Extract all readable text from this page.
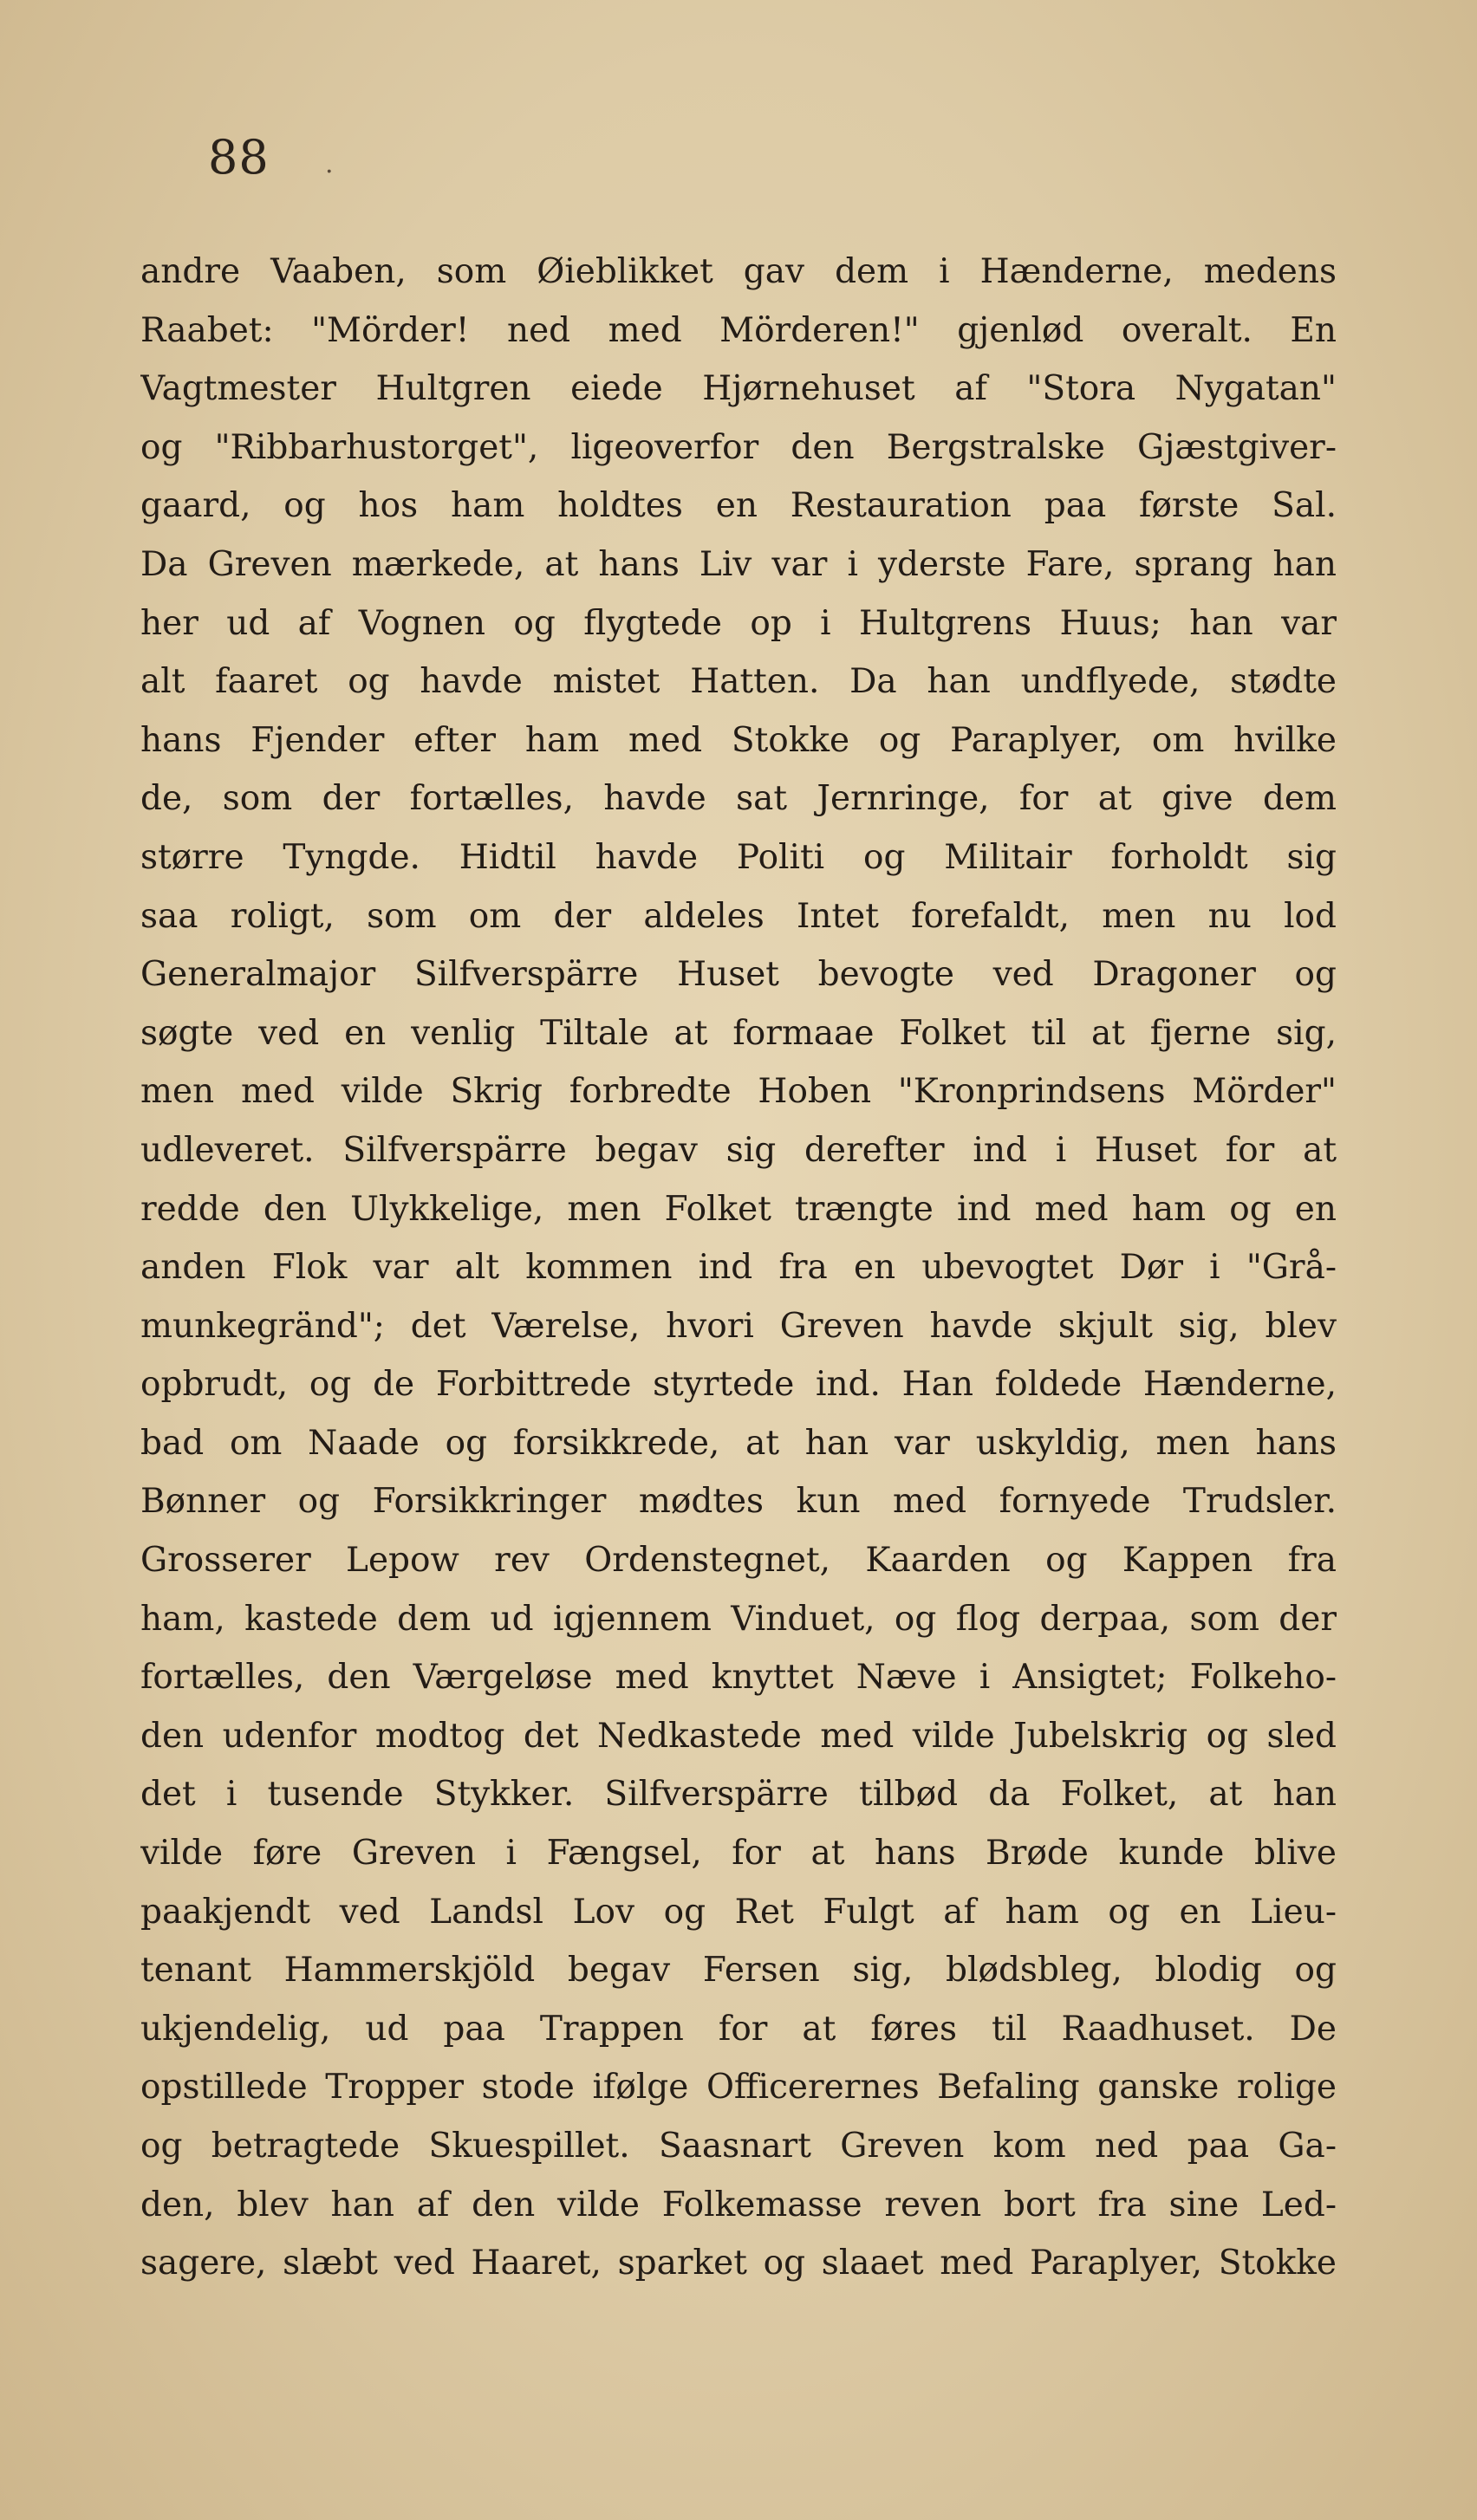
88 .
andre Vaaben, som Øieblikket gav dem i Hænderne, medens
Raabet: "Mörder! ned med Mörderen!" gjenlød overalt. En
Vagtmester Hultgren eiede Hjørnehuset af "Stora Nygatan"
og "Ribbarhustorget", ligeoverfor den Bergstralske Gjæstgiver-
gaard, og hos ham holdtes en Restauration paa første Sal.
Da Greven mærkede, at hans Liv var i yderste Fare, sprang han
her ud af Vognen og flygtede op i Hultgrens Huus; han var
alt faaret og havde mistet Hatten. Da han undflyede, stødte
hans Fjender efter ham med Stokke og Paraplyer, om hvilke
de, som der fortælles, havde sat Jernringe, for at give dem
større Tyngde. Hidtil havde Politi og Militair forholdt sig
saa roligt, som om der aldeles Intet forefaldt, men nu lod
Generalmajor Silfverspärre Huset bevogte ved Dragoner og
søgte ved en venlig Tiltale at formaae Folket til at fjerne sig,
men med vilde Skrig forbredte Hoben "Kronprindsens Mörder"
udleveret. Silfverspärre begav sig derefter ind i Huset for at
redde den Ulykkelige, men Folket trængte ind med ham og en
anden Flok var alt kommen ind fra en ubevogtet Dør i "Grå-
munkegränd"; det Værelse, hvori Greven havde skjult sig, blev
opbrudt, og de Forbittrede styrtede ind. Han foldede Hænderne,
bad om Naade og forsikkrede, at han var uskyldig, men hans
Bønner og Forsikkringer mødtes kun med fornyede Trudsler.
Grosserer Lepow rev Ordenstegnet, Kaarden og Kappen fra
ham, kastede dem ud igjennem Vinduet, og flog derpaa, som der
fortælles, den Værgeløse med knyttet Næve i Ansigtet; Folkeho-
den udenfor modtog det Nedkastede med vilde Jubelskrig og sled
det i tusende Stykker. Silfverspärre tilbød da Folket, at han
vilde føre Greven i Fængsel, for at hans Brøde kunde blive
paakjendt ved Landsl Lov og Ret Fulgt af ham og en Lieu-
tenant Hammerskjöld begav Fersen sig, blødsbleg, blodig og
ukjendelig, ud paa Trappen for at føres til Raadhuset. De
opstillede Tropper stode ifølge Officerernes Befaling ganske rolige
og betragtede Skuespillet. Saasnart Greven kom ned paa Ga-
den, blev han af den vilde Folkemasse reven bort fra sine Led-
sagere, slæbt ved Haaret, sparket og slaaet med Paraplyer, Stokke
